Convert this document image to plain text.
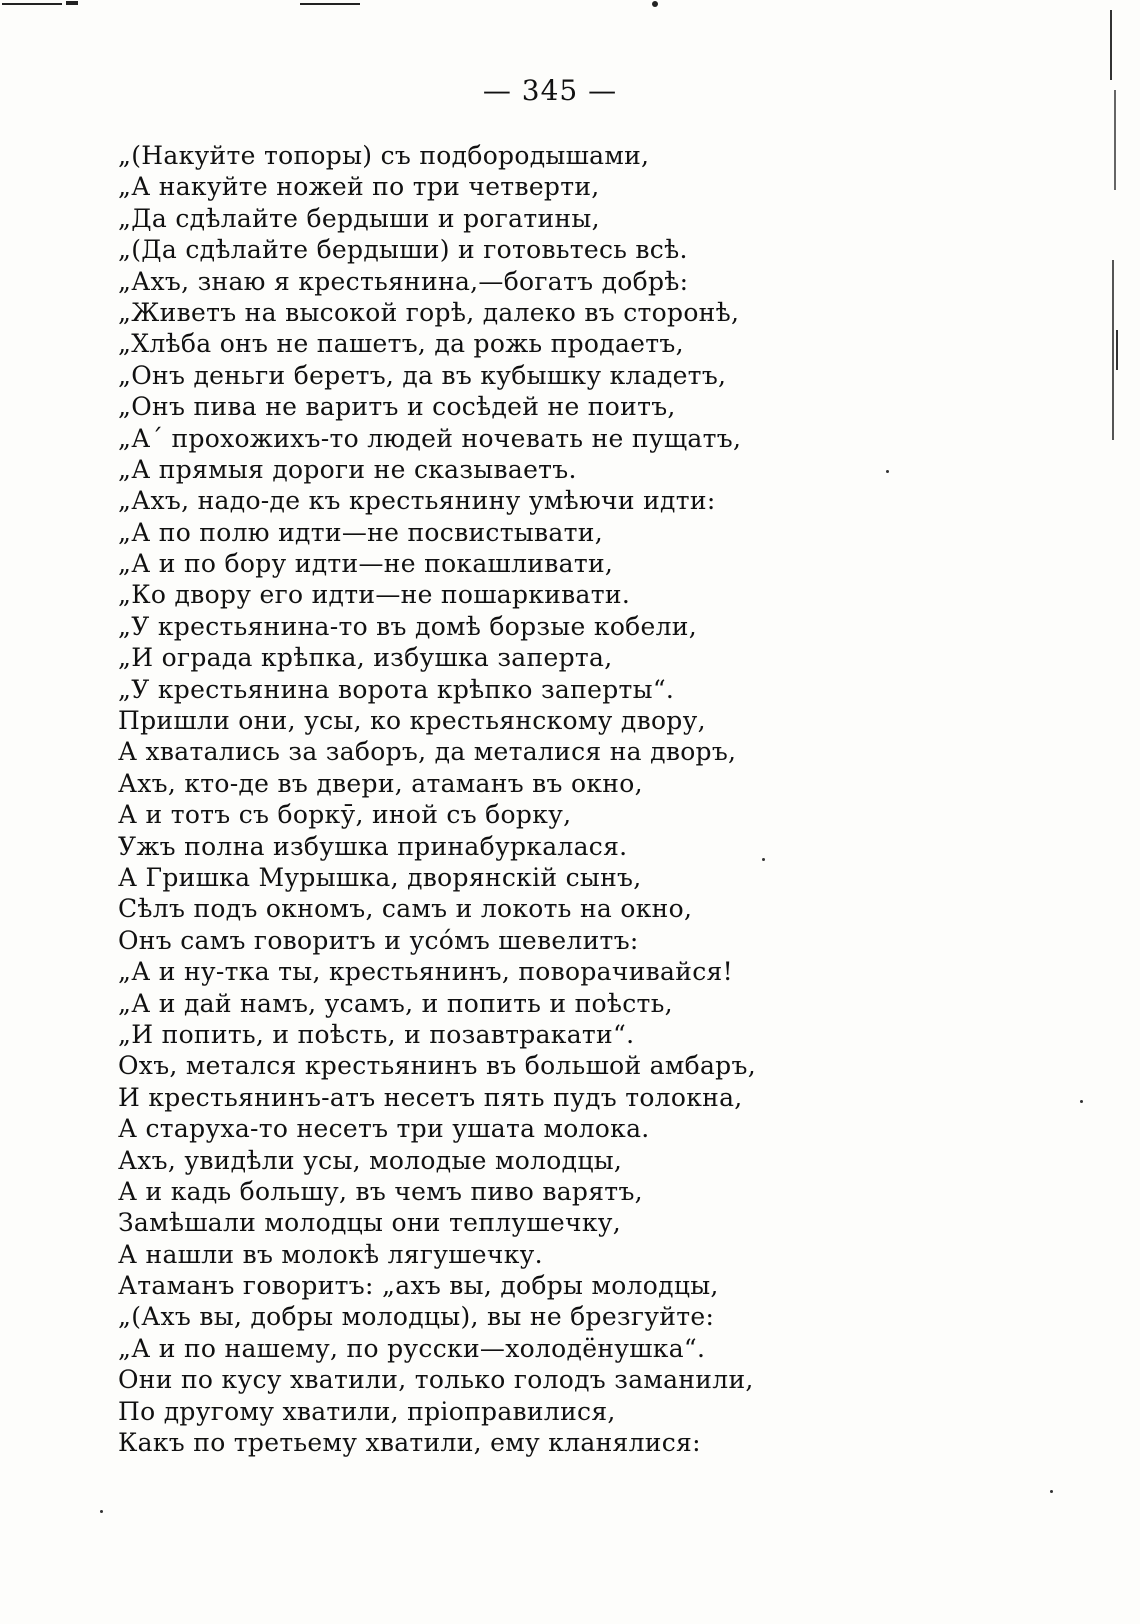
— 345 —
„(Накуйте топоры) съ подбородышами,
„А накуйте ножей по три четверти,
„Да сдѣлайте бердыши и рогатины,
„(Да сдѣлайте бердыши) и готовьтесь всѣ.
„Ахъ, знаю я крестьянина,—богатъ добрѣ:
„Живетъ на высокой горѣ, далеко въ сторонѣ,
„Хлѣба онъ не пашетъ, да рожь продаетъ,
„Онъ деньги беретъ, да въ кубышку кладетъ,
„Онъ пива не варитъ и сосѣдей не поитъ,
„А´ прохожихъ-то людей ночевать не пущатъ,
„А прямыя дороги не сказываетъ.
„Ахъ, надо-де къ крестьянину умѣючи идти:
„А по полю идти—не посвистывати,
„А и по бору идти—не покашливати,
„Ко двору его идти—не пошаркивати.
„У крестьянина-то въ домѣ борзые кобели,
„И ограда крѣпка, избушка заперта,
„У крестьянина ворота крѣпко заперты“.
Пришли они, усы, ко крестьянскому двору,
А хватались за заборъ, да металися на дворъ,
Ахъ, кто-де въ двери, атаманъ въ окно,
А и тотъ съ боркӯ, иной съ борку,
Ужъ полна избушка принабуркалася.
А Гришка Мурышка, дворянскій сынъ,
Сѣлъ подъ окномъ, самъ и локоть на окно,
Онъ самъ говоритъ и усо́мъ шевелитъ:
„А и ну-тка ты, крестьянинъ, поворачивайся!
„А и дай намъ, усамъ, и попить и поѣсть,
„И попить, и поѣсть, и позавтракати“.
Охъ, метался крестьянинъ въ большой амбаръ,
И крестьянинъ-атъ несетъ пять пудъ толокна,
А старуха-то несетъ три ушата молока.
Ахъ, увидѣли усы, молодые молодцы,
А и кадь большу, въ чемъ пиво варятъ,
Замѣшали молодцы они теплушечку,
А нашли въ молокѣ лягушечку.
Атаманъ говоритъ: „ахъ вы, добры молодцы,
„(Ахъ вы, добры молодцы), вы не брезгуйте:
„А и по нашему, по русски—холодёнушка“.
Они по кусу хватили, только голодъ заманили,
По другому хватили, пріоправилися,
Какъ по третьему хватили, ему кланялися:
